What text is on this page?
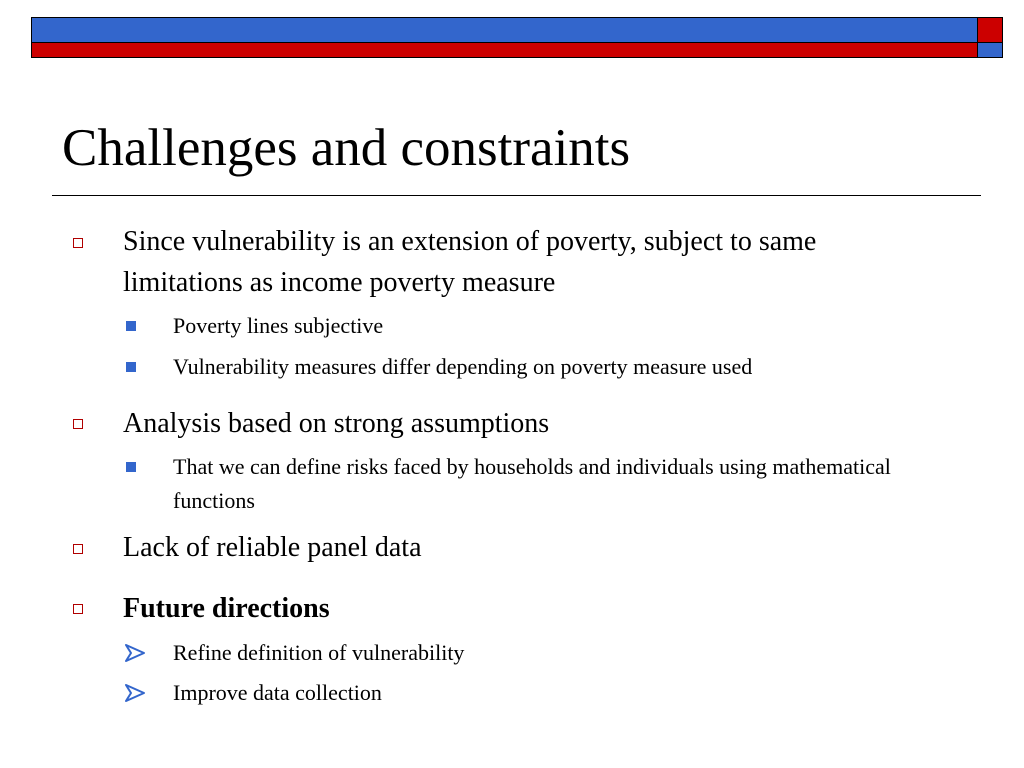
Challenges and constraints
Since vulnerability is an extension of poverty, subject to same limitations as income poverty measure
Poverty lines subjective
Vulnerability measures differ depending on poverty measure used
Analysis based on strong assumptions
That we can define risks faced by households and individuals using mathematical functions
Lack of reliable panel data
Future directions
Refine definition of vulnerability
Improve data collection
